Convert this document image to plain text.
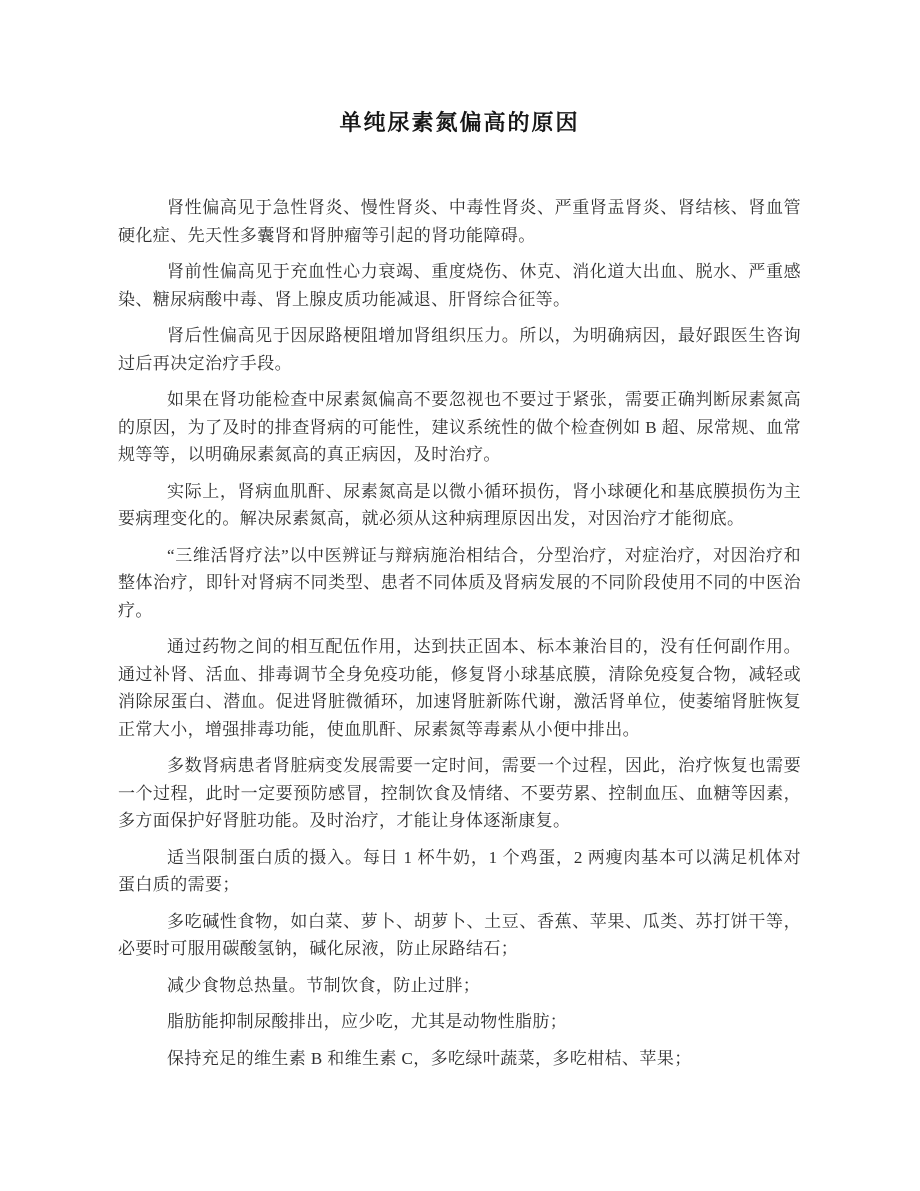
单纯尿素氮偏高的原因

肾性偏高见于急性肾炎、慢性肾炎、中毒性肾炎、严重肾盂肾炎、肾结核、肾血管硬化症、先天性多囊肾和肾肿瘤等引起的肾功能障碍。

肾前性偏高见于充血性心力衰竭、重度烧伤、休克、消化道大出血、脱水、严重感染、糖尿病酸中毒、肾上腺皮质功能减退、肝肾综合征等。

肾后性偏高见于因尿路梗阻增加肾组织压力。所以，为明确病因，最好跟医生咨询过后再决定治疗手段。

如果在肾功能检查中尿素氮偏高不要忽视也不要过于紧张，需要正确判断尿素氮高的原因，为了及时的排查肾病的可能性，建议系统性的做个检查例如 B 超、尿常规、血常规等等，以明确尿素氮高的真正病因，及时治疗。

实际上，肾病血肌酐、尿素氮高是以微小循环损伤，肾小球硬化和基底膜损伤为主要病理变化的。解决尿素氮高，就必须从这种病理原因出发，对因治疗才能彻底。

“三维活肾疗法”以中医辨证与辩病施治相结合，分型治疗，对症治疗，对因治疗和整体治疗，即针对肾病不同类型、患者不同体质及肾病发展的不同阶段使用不同的中医治疗。

通过药物之间的相互配伍作用，达到扶正固本、标本兼治目的，没有任何副作用。通过补肾、活血、排毒调节全身免疫功能，修复肾小球基底膜，清除免疫复合物，减轻或消除尿蛋白、潜血。促进肾脏微循环，加速肾脏新陈代谢，激活肾单位，使萎缩肾脏恢复正常大小，增强排毒功能，使血肌酐、尿素氮等毒素从小便中排出。

多数肾病患者肾脏病变发展需要一定时间，需要一个过程，因此，治疗恢复也需要一个过程，此时一定要预防感冒，控制饮食及情绪、不要劳累、控制血压、血糖等因素，多方面保护好肾脏功能。及时治疗，才能让身体逐渐康复。

适当限制蛋白质的摄入。每日 1 杯牛奶，1 个鸡蛋，2 两瘦肉基本可以满足机体对蛋白质的需要；

多吃碱性食物，如白菜、萝卜、胡萝卜、土豆、香蕉、苹果、瓜类、苏打饼干等，必要时可服用碳酸氢钠，碱化尿液，防止尿路结石；

减少食物总热量。节制饮食，防止过胖；

脂肪能抑制尿酸排出，应少吃，尤其是动物性脂肪；

保持充足的维生素 B 和维生素 C，多吃绿叶蔬菜，多吃柑桔、苹果；
